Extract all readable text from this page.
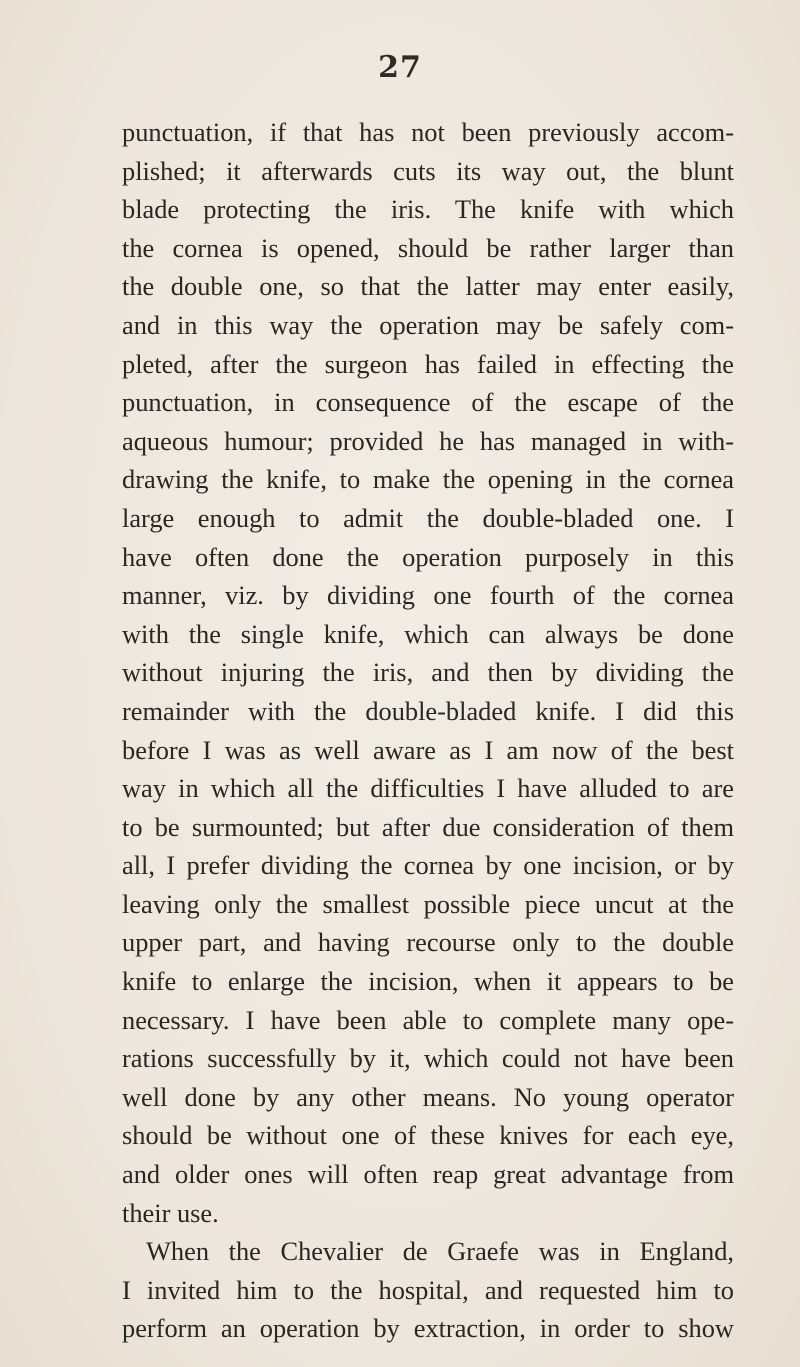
27
punctuation, if that has not been previously accom-
plished; it afterwards cuts its way out, the blunt
blade protecting the iris. The knife with which
the cornea is opened, should be rather larger than
the double one, so that the latter may enter easily,
and in this way the operation may be safely com-
pleted, after the surgeon has failed in effecting the
punctuation, in consequence of the escape of the
aqueous humour; provided he has managed in with-
drawing the knife, to make the opening in the cornea
large enough to admit the double-bladed one. I
have often done the operation purposely in this
manner, viz. by dividing one fourth of the cornea
with the single knife, which can always be done
without injuring the iris, and then by dividing the
remainder with the double-bladed knife. I did this
before I was as well aware as I am now of the best
way in which all the difficulties I have alluded to are
to be surmounted; but after due consideration of them
all, I prefer dividing the cornea by one incision, or by
leaving only the smallest possible piece uncut at the
upper part, and having recourse only to the double
knife to enlarge the incision, when it appears to be
necessary. I have been able to complete many ope-
rations successfully by it, which could not have been
well done by any other means. No young operator
should be without one of these knives for each eye,
and older ones will often reap great advantage from
their use.
When the Chevalier de Graefe was in England,
I invited him to the hospital, and requested him to
perform an operation by extraction, in order to show
